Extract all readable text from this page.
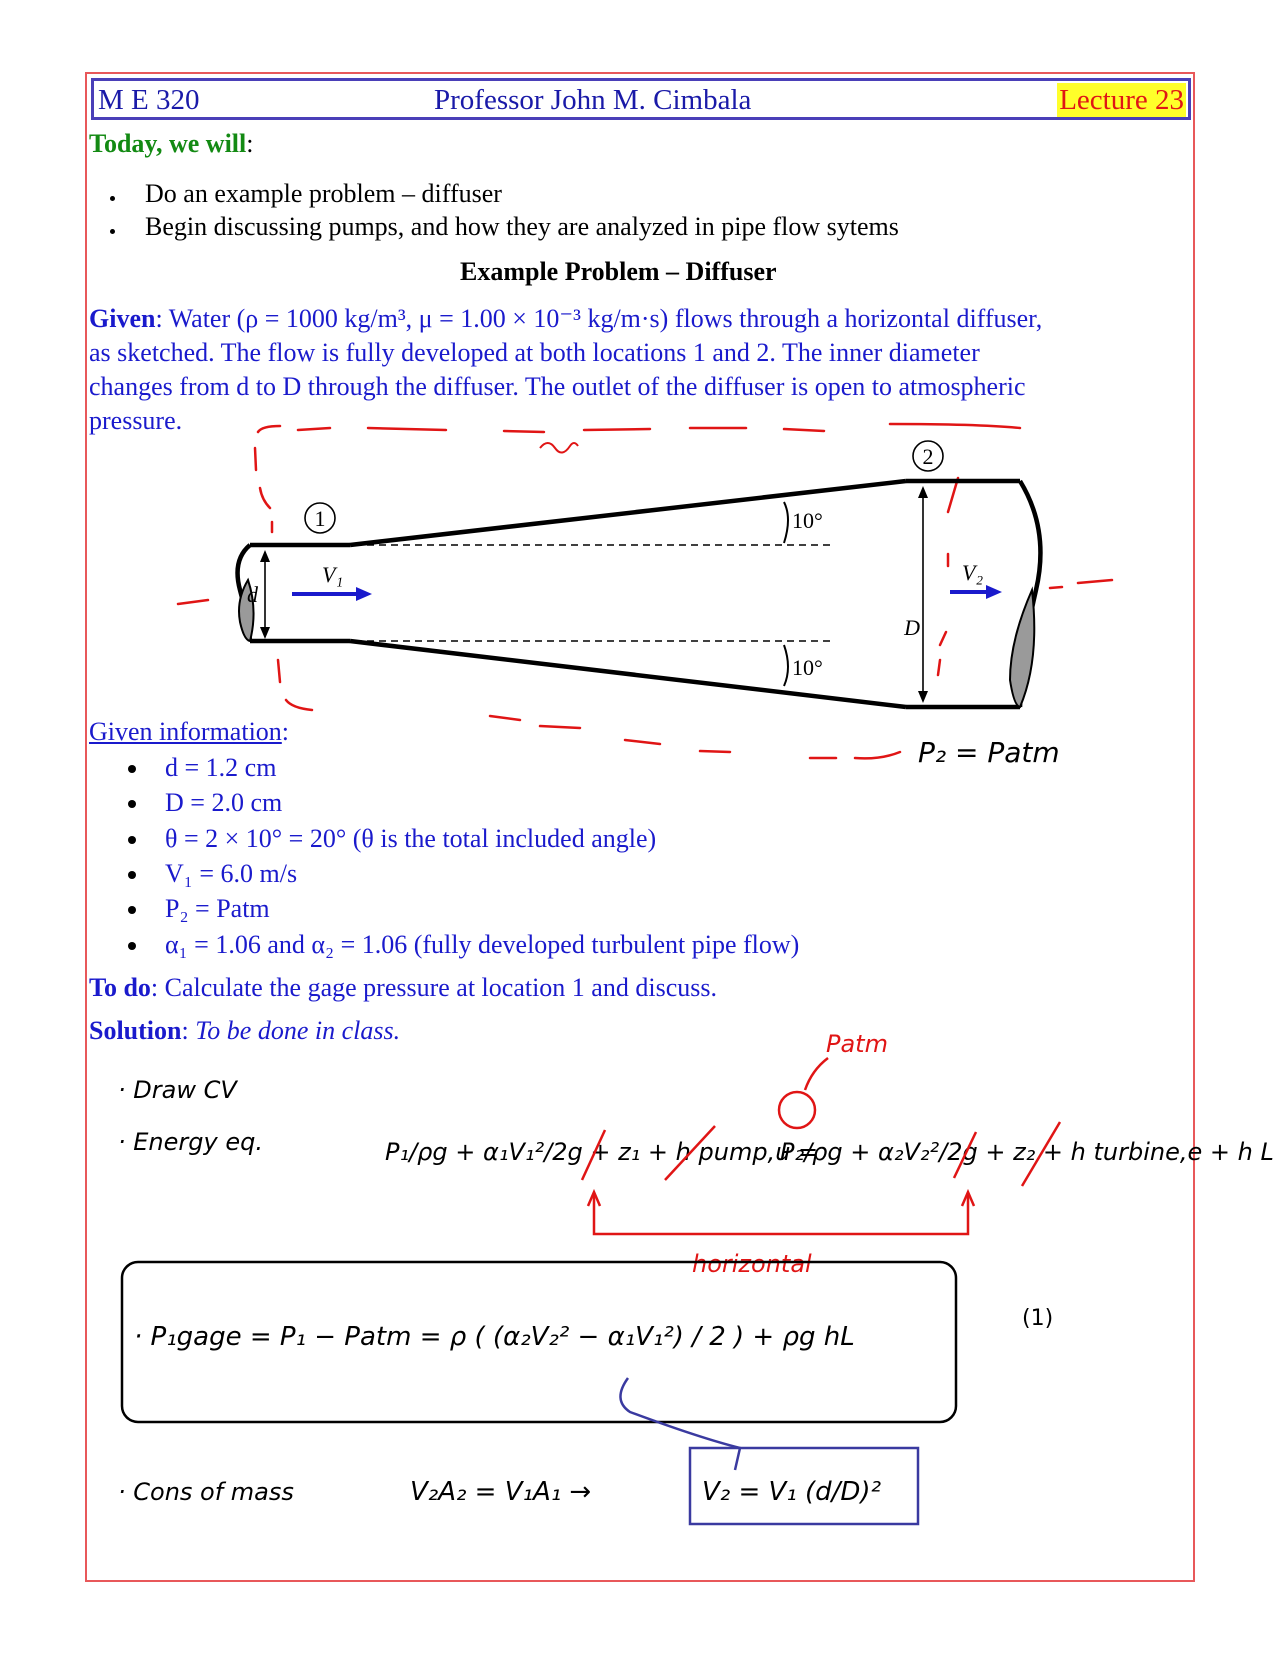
M E 320	Professor John M. Cimbala	Lecture 23
Today, we will:
Do an example problem – diffuser
Begin discussing pumps, and how they are analyzed in pipe flow sytems
Example Problem – Diffuser
Given: Water (ρ = 1000 kg/m³, μ = 1.00 × 10⁻³ kg/m·s) flows through a horizontal diffuser,
as sketched. The flow is fully developed at both locations 1 and 2. The inner diameter
changes from d to D through the diffuser. The outlet of the diffuser is open to atmospheric
pressure.
Given information:
d = 1.2 cm
D = 2.0 cm
θ = 2 × 10° = 20° (θ is the total included angle)
V₁ = 6.0 m/s
P₂ = Patm
α₁ = 1.06 and α₂ = 1.06 (fully developed turbulent pipe flow)
To do: Calculate the gage pressure at location 1 and discuss.
Solution: To be done in class.
10°
10°
1
2
d
D
V₁	V₂
P₂ = Patm
· Draw CV
· Energy eq.	P₁/ρg + α₁V₁²/2g + z₁ + h pump,u =
P₂/ρg + α₂V₂²/2g + z₂ + h turbine,e + h L
Patm
horizontal
· P₁gage = P₁ − Patm = ρ ( (α₂V₂² − α₁V₁²) / 2 ) + ρg hL
(1)
· Cons of mass	V₂A₂ = V₁A₁ →	V₂ = V₁ (d/D)²
